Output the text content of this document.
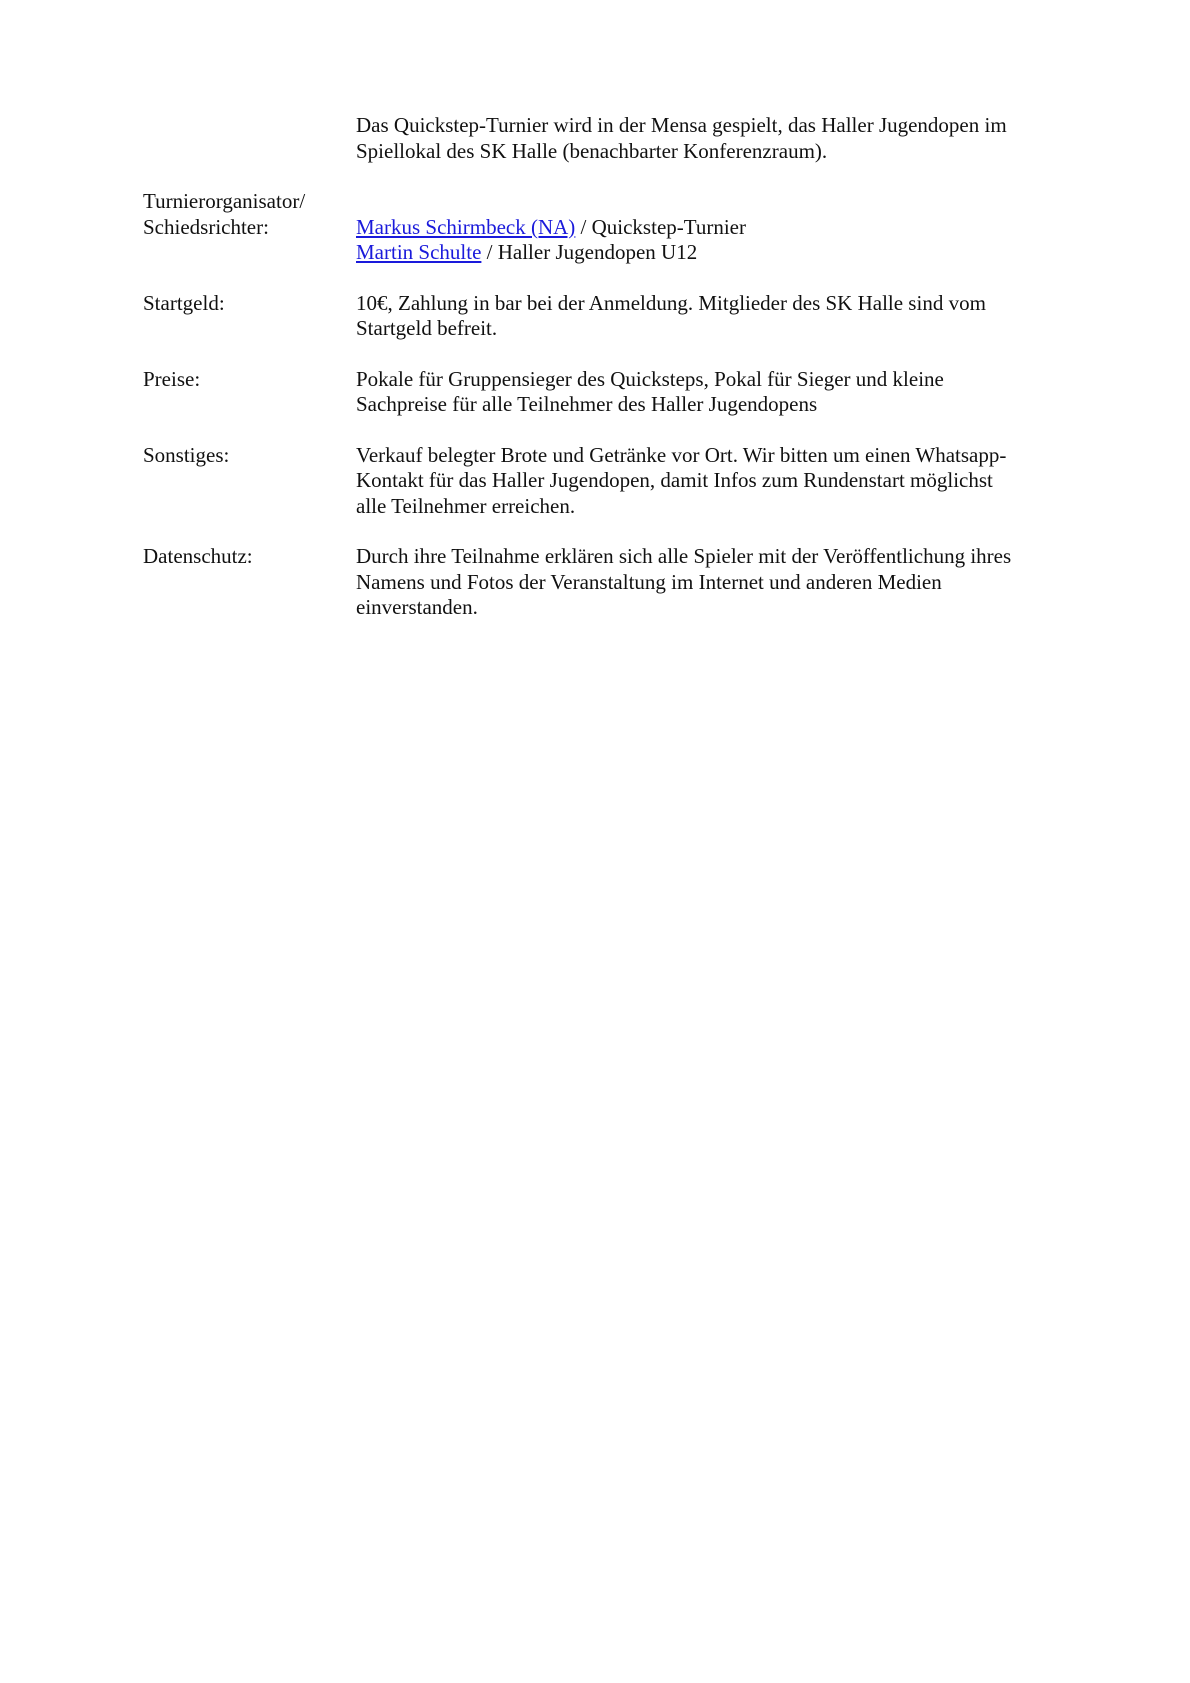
Das Quickstep-Turnier wird in der Mensa gespielt, das Haller Jugendopen im
Spiellokal des SK Halle (benachbarter Konferenzraum).
Turnierorganisator/
Schiedsrichter:	Markus Schirmbeck (NA) / Quickstep-Turnier
Martin Schulte / Haller Jugendopen U12
Startgeld:	10€, Zahlung in bar bei der Anmeldung. Mitglieder des SK Halle sind vom
Startgeld befreit.
Preise:	Pokale für Gruppensieger des Quicksteps, Pokal für Sieger und kleine
Sachpreise für alle Teilnehmer des Haller Jugendopens
Sonstiges:	Verkauf belegter Brote und Getränke vor Ort. Wir bitten um einen Whatsapp-
Kontakt für das Haller Jugendopen, damit Infos zum Rundenstart möglichst
alle Teilnehmer erreichen.
Datenschutz:	Durch ihre Teilnahme erklären sich alle Spieler mit der Veröffentlichung ihres
Namens und Fotos der Veranstaltung im Internet und anderen Medien
einverstanden.
